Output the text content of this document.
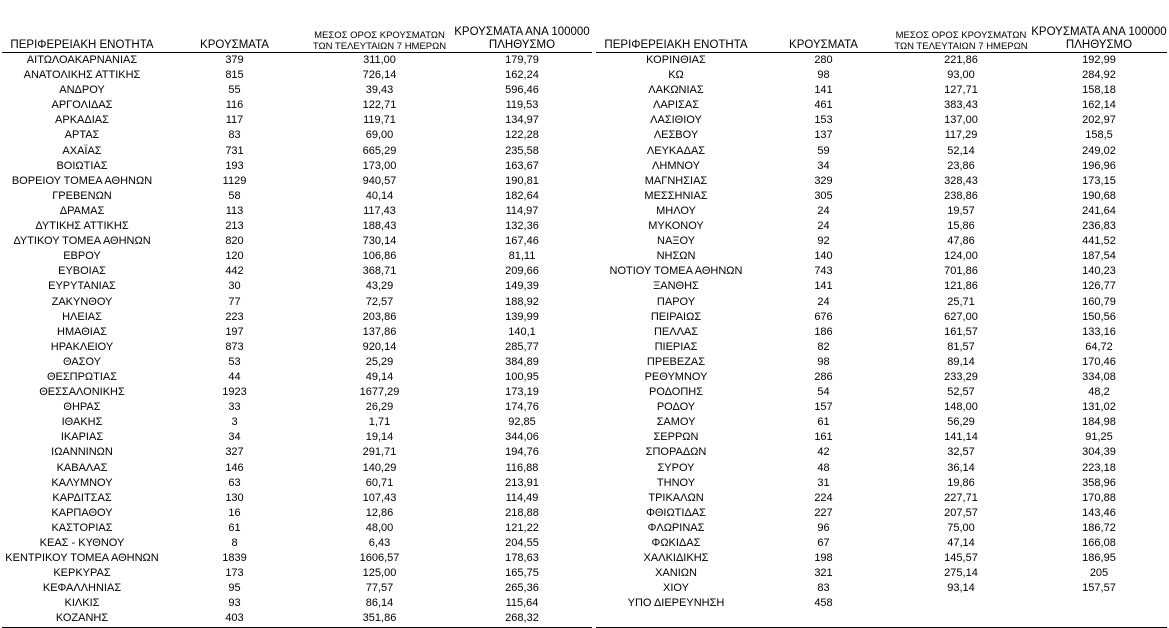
ΠΕΡΙΦΕΡΕΙΑΚΗ ΕΝΟΤΗΤΑ	ΚΡΟΥΣΜΑΤΑ	ΜΕΣΟΣ ΟΡΟΣ ΚΡΟΥΣΜΑΤΩΝ ΤΩΝ ΤΕΛΕΥΤΑΙΩΝ 7 ΗΜΕΡΩΝ	ΚΡΟΥΣΜΑΤΑ ΑΝΑ 100000 ΠΛΗΘΥΣΜΟ
ΑΙΤΩΛΟΑΚΑΡΝΑΝΙΑΣ	379	311,00	179,79
ΑΝΑΤΟΛΙΚΗΣ ΑΤΤΙΚΗΣ	815	726,14	162,24
ΑΝΔΡΟΥ	55	39,43	596,46
ΑΡΓΟΛΙΔΑΣ	116	122,71	119,53
ΑΡΚΑΔΙΑΣ	117	119,71	134,97
ΑΡΤΑΣ	83	69,00	122,28
ΑΧΑΪΑΣ	731	665,29	235,58
ΒΟΙΩΤΙΑΣ	193	173,00	163,67
ΒΟΡΕΙΟΥ ΤΟΜΕΑ ΑΘΗΝΩΝ	1129	940,57	190,81
ΓΡΕΒΕΝΩΝ	58	40,14	182,64
ΔΡΑΜΑΣ	113	117,43	114,97
ΔΥΤΙΚΗΣ ΑΤΤΙΚΗΣ	213	188,43	132,36
ΔΥΤΙΚΟΥ ΤΟΜΕΑ ΑΘΗΝΩΝ	820	730,14	167,46
ΕΒΡΟΥ	120	106,86	81,11
ΕΥΒΟΙΑΣ	442	368,71	209,66
ΕΥΡΥΤΑΝΙΑΣ	30	43,29	149,39
ΖΑΚΥΝΘΟΥ	77	72,57	188,92
ΗΛΕΙΑΣ	223	203,86	139,99
ΗΜΑΘΙΑΣ	197	137,86	140,1
ΗΡΑΚΛΕΙΟΥ	873	920,14	285,77
ΘΑΣΟΥ	53	25,29	384,89
ΘΕΣΠΡΩΤΙΑΣ	44	49,14	100,95
ΘΕΣΣΑΛΟΝΙΚΗΣ	1923	1677,29	173,19
ΘΗΡΑΣ	33	26,29	174,76
ΙΘΑΚΗΣ	3	1,71	92,85
ΙΚΑΡΙΑΣ	34	19,14	344,06
ΙΩΑΝΝΙΝΩΝ	327	291,71	194,76
ΚΑΒΑΛΑΣ	146	140,29	116,88
ΚΑΛΥΜΝΟΥ	63	60,71	213,91
ΚΑΡΔΙΤΣΑΣ	130	107,43	114,49
ΚΑΡΠΑΘΟΥ	16	12,86	218,88
ΚΑΣΤΟΡΙΑΣ	61	48,00	121,22
ΚΕΑΣ - ΚΥΘΝΟΥ	8	6,43	204,55
ΚΕΝΤΡΙΚΟΥ ΤΟΜΕΑ ΑΘΗΝΩΝ	1839	1606,57	178,63
ΚΕΡΚΥΡΑΣ	173	125,00	165,75
ΚΕΦΑΛΛΗΝΙΑΣ	95	77,57	265,36
ΚΙΛΚΙΣ	93	86,14	115,64
ΚΟΖΑΝΗΣ	403	351,86	268,32
ΠΕΡΙΦΕΡΕΙΑΚΗ ΕΝΟΤΗΤΑ	ΚΡΟΥΣΜΑΤΑ	ΜΕΣΟΣ ΟΡΟΣ ΚΡΟΥΣΜΑΤΩΝ ΤΩΝ ΤΕΛΕΥΤΑΙΩΝ 7 ΗΜΕΡΩΝ	ΚΡΟΥΣΜΑΤΑ ΑΝΑ 100000 ΠΛΗΘΥΣΜΟ
ΚΟΡΙΝΘΙΑΣ	280	221,86	192,99
ΚΩ	98	93,00	284,92
ΛΑΚΩΝΙΑΣ	141	127,71	158,18
ΛΑΡΙΣΑΣ	461	383,43	162,14
ΛΑΣΙΘΙΟΥ	153	137,00	202,97
ΛΕΣΒΟΥ	137	117,29	158,5
ΛΕΥΚΑΔΑΣ	59	52,14	249,02
ΛΗΜΝΟΥ	34	23,86	196,96
ΜΑΓΝΗΣΙΑΣ	329	328,43	173,15
ΜΕΣΣΗΝΙΑΣ	305	238,86	190,68
ΜΗΛΟΥ	24	19,57	241,64
ΜΥΚΟΝΟΥ	24	15,86	236,83
ΝΑΞΟΥ	92	47,86	441,52
ΝΗΣΩΝ	140	124,00	187,54
ΝΟΤΙΟΥ ΤΟΜΕΑ ΑΘΗΝΩΝ	743	701,86	140,23
ΞΑΝΘΗΣ	141	121,86	126,77
ΠΑΡΟΥ	24	25,71	160,79
ΠΕΙΡΑΙΩΣ	676	627,00	150,56
ΠΕΛΛΑΣ	186	161,57	133,16
ΠΙΕΡΙΑΣ	82	81,57	64,72
ΠΡΕΒΕΖΑΣ	98	89,14	170,46
ΡΕΘΥΜΝΟΥ	286	233,29	334,08
ΡΟΔΟΠΗΣ	54	52,57	48,2
ΡΟΔΟΥ	157	148,00	131,02
ΣΑΜΟΥ	61	56,29	184,98
ΣΕΡΡΩΝ	161	141,14	91,25
ΣΠΟΡΑΔΩΝ	42	32,57	304,39
ΣΥΡΟΥ	48	36,14	223,18
ΤΗΝΟΥ	31	19,86	358,96
ΤΡΙΚΑΛΩΝ	224	227,71	170,88
ΦΘΙΩΤΙΔΑΣ	227	207,57	143,46
ΦΛΩΡΙΝΑΣ	96	75,00	186,72
ΦΩΚΙΔΑΣ	67	47,14	166,08
ΧΑΛΚΙΔΙΚΗΣ	198	145,57	186,95
ΧΑΝΙΩΝ	321	275,14	205
ΧΙΟΥ	83	93,14	157,57
ΥΠΟ ΔΙΕΡΕΥΝΗΣΗ	458		
